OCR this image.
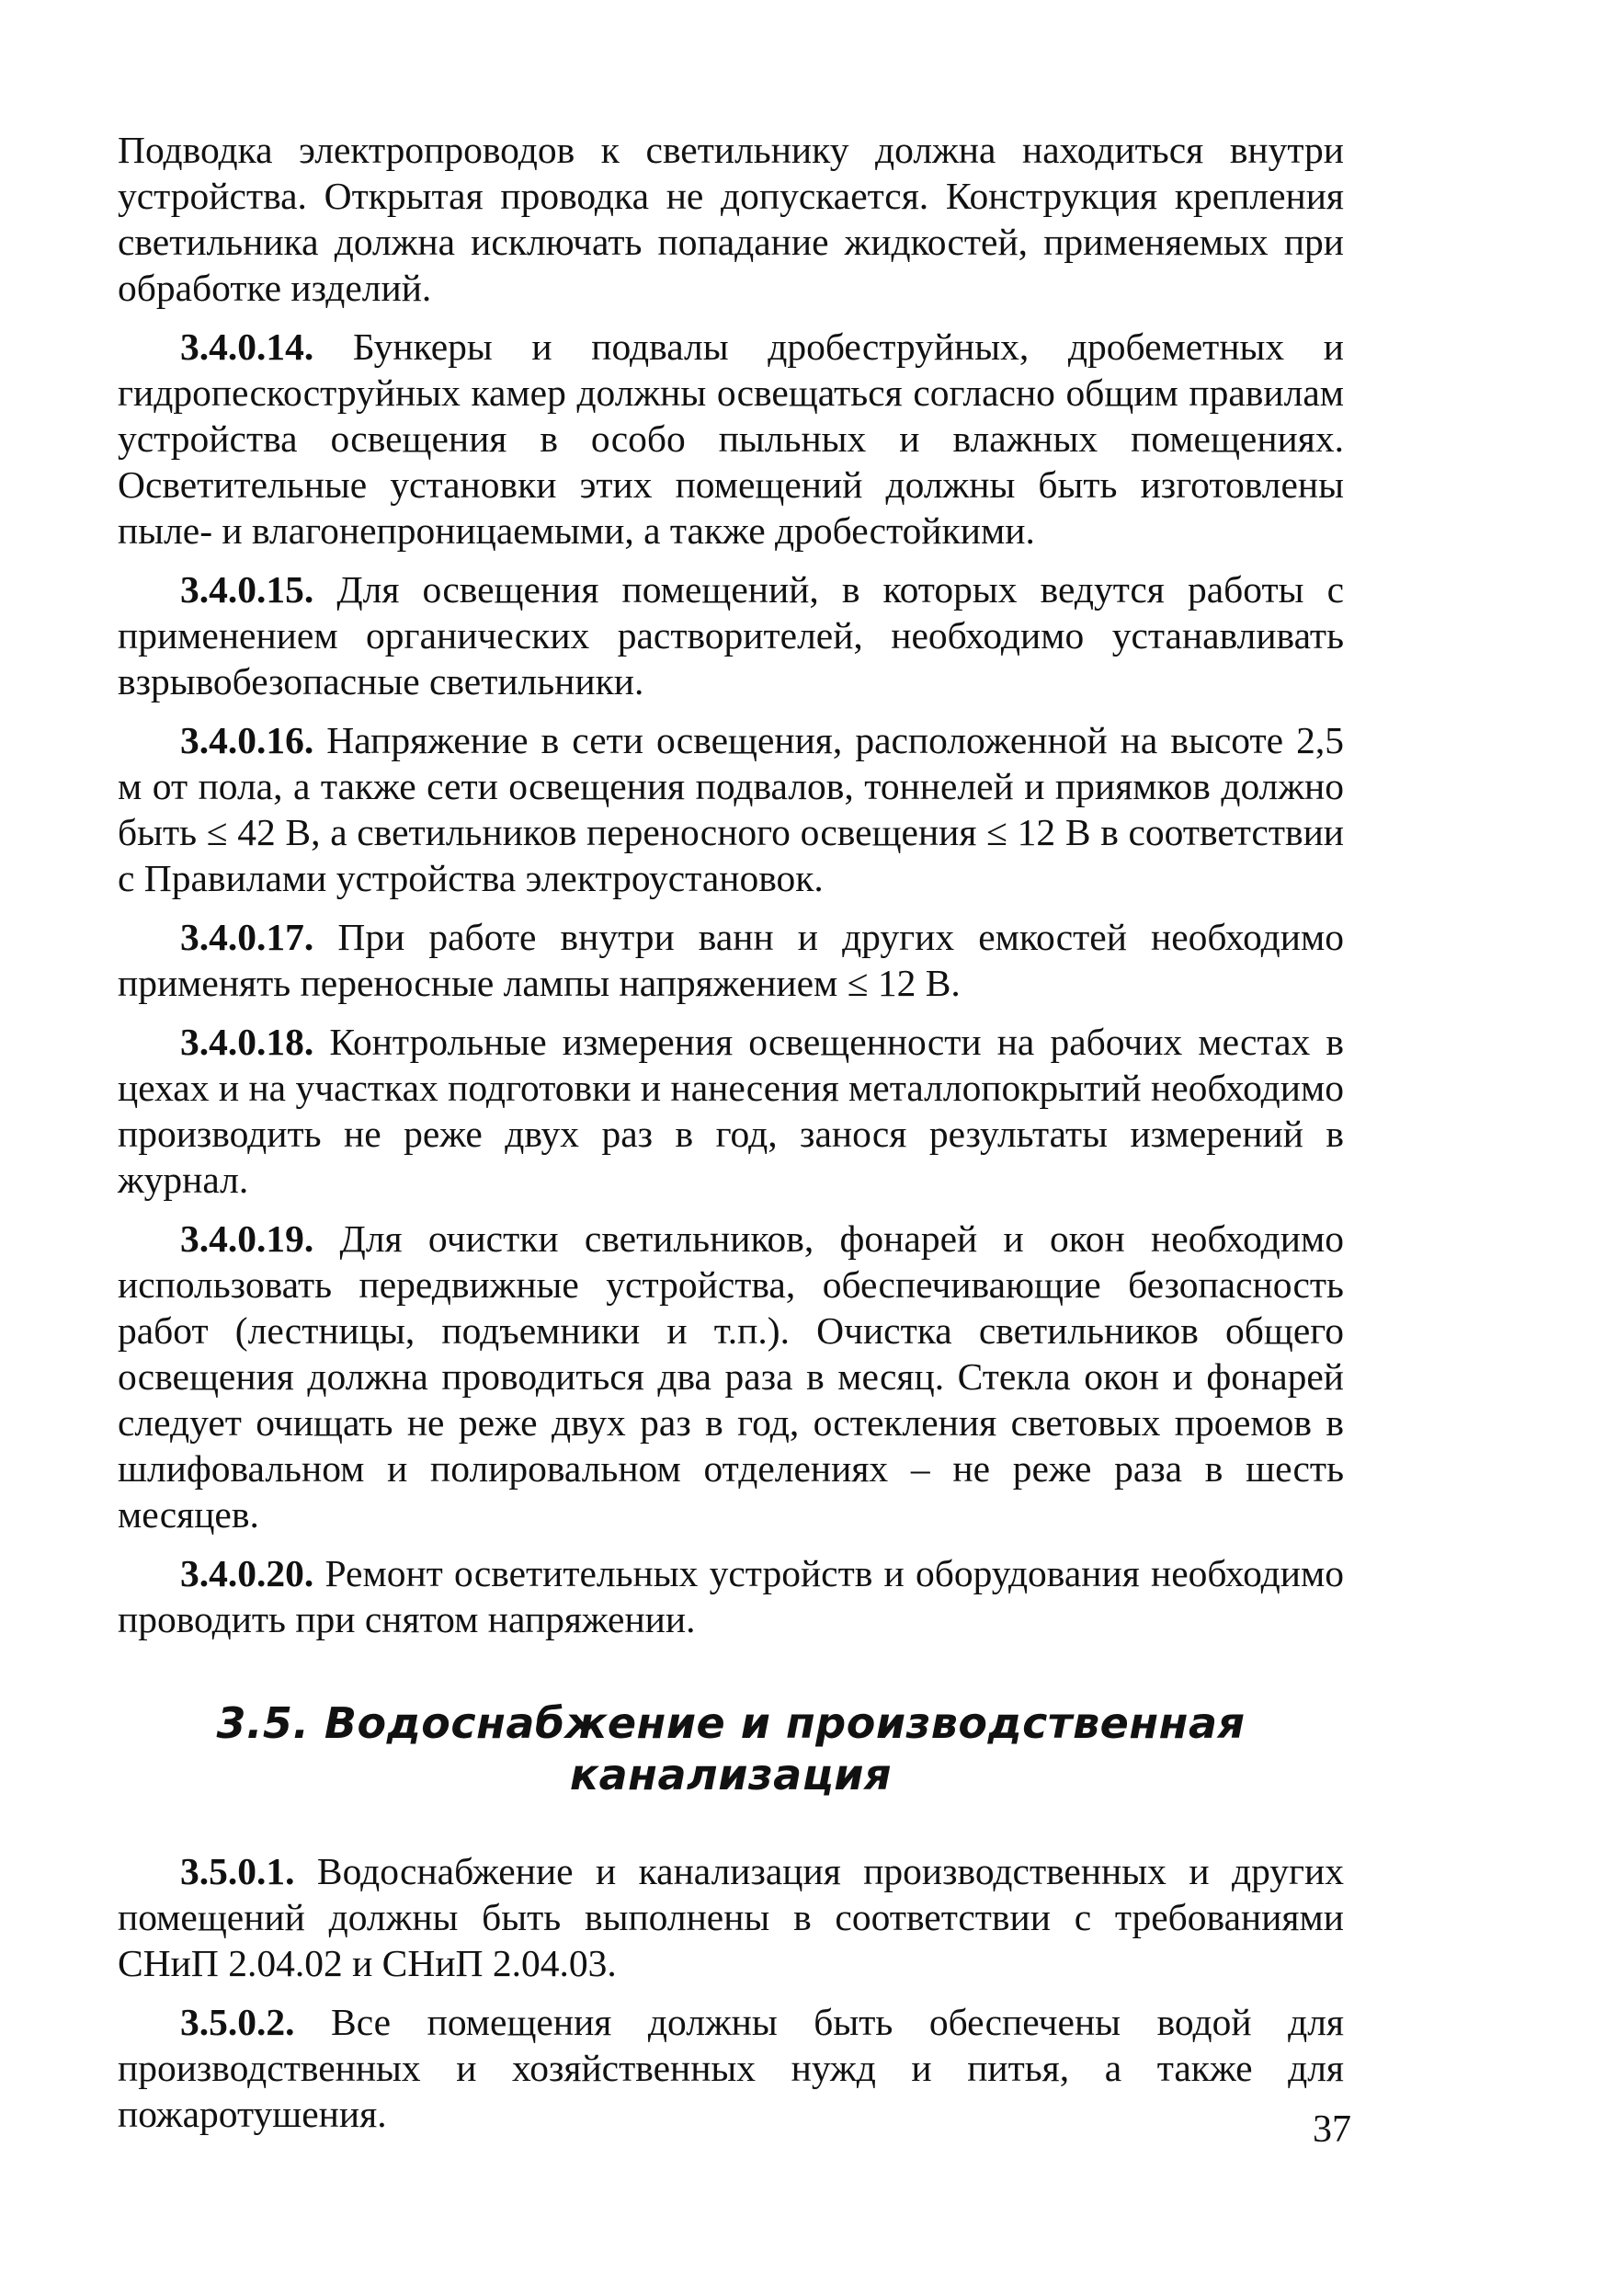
Подводка электропроводов к светильнику должна находиться внутри устройства. Открытая проводка не допускается. Конструкция крепления светильника должна исключать попадание жидкостей, применяемых при обработке изделий.

3.4.0.14. Бункеры и подвалы дробеструйных, дробеметных и гидропескоструйных камер должны освещаться согласно общим правилам устройства освещения в особо пыльных и влажных помещениях. Осветительные установки этих помещений должны быть изготовлены пыле- и влагонепроницаемыми, а также дробестойкими.

3.4.0.15. Для освещения помещений, в которых ведутся работы с применением органических растворителей, необходимо устанавливать взрывобезопасные светильники.

3.4.0.16. Напряжение в сети освещения, расположенной на высоте 2,5 м от пола, а также сети освещения подвалов, тоннелей и приямков должно быть ≤ 42 В, а светильников переносного освещения ≤ 12 В в соответствии с Правилами устройства электроустановок.

3.4.0.17. При работе внутри ванн и других емкостей необходимо применять переносные лампы напряжением ≤ 12 В.

3.4.0.18. Контрольные измерения освещенности на рабочих местах в цехах и на участках подготовки и нанесения металлопокрытий необходимо производить не реже двух раз в год, занося результаты измерений в журнал.

3.4.0.19. Для очистки светильников, фонарей и окон необходимо использовать передвижные устройства, обеспечивающие безопасность работ (лестницы, подъемники и т.п.). Очистка светильников общего освещения должна проводиться два раза в месяц. Стекла окон и фонарей следует очищать не реже двух раз в год, остекления световых проемов в шлифовальном и полировальном отделениях – не реже раза в шесть месяцев.

3.4.0.20. Ремонт осветительных устройств и оборудования необходимо проводить при снятом напряжении.

3.5. Водоснабжение и производственная
канализация

3.5.0.1. Водоснабжение и канализация производственных и других помещений должны быть выполнены в соответствии с требованиями СНиП 2.04.02 и СНиП 2.04.03.

3.5.0.2. Все помещения должны быть обеспечены водой для производственных и хозяйственных нужд и питья, а также для пожаротушения.	37
